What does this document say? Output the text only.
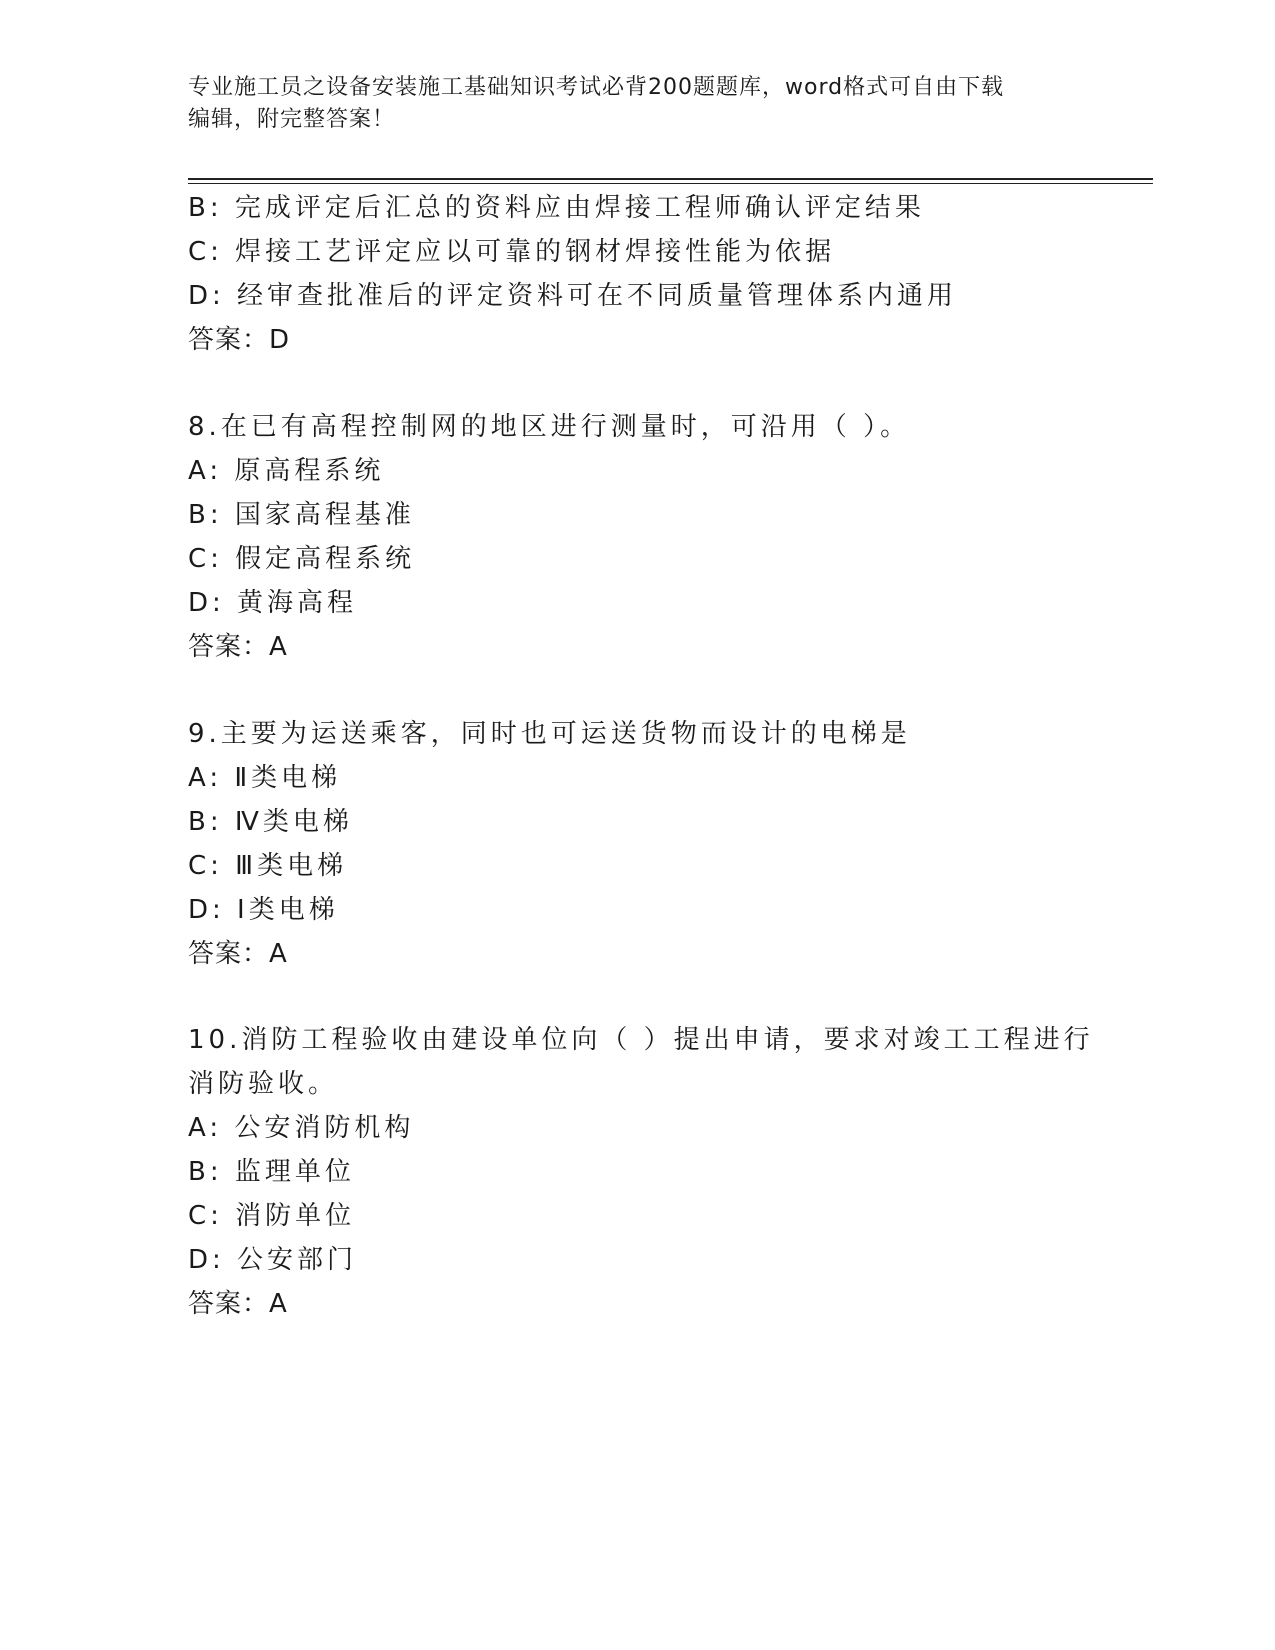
专业施工员之设备安装施工基础知识考试必背200题题库，word格式可自由下载
编辑，附完整答案！
B: 完成评定后汇总的资料应由焊接工程师确认评定结果
C: 焊接工艺评定应以可靠的钢材焊接性能为依据
D: 经审查批准后的评定资料可在不同质量管理体系内通用
答案：D
8.在已有高程控制网的地区进行测量时，可沿用（ ）。
A: 原高程系统
B: 国家高程基准
C: 假定高程系统
D: 黄海高程
答案：A
9.主要为运送乘客，同时也可运送货物而设计的电梯是
A: Ⅱ类电梯
B: Ⅳ类电梯
C: Ⅲ类电梯
D: Ⅰ类电梯
答案：A
10.消防工程验收由建设单位向（ ）提出申请，要求对竣工工程进行
消防验收。
A: 公安消防机构
B: 监理单位
C: 消防单位
D: 公安部门
答案：A
